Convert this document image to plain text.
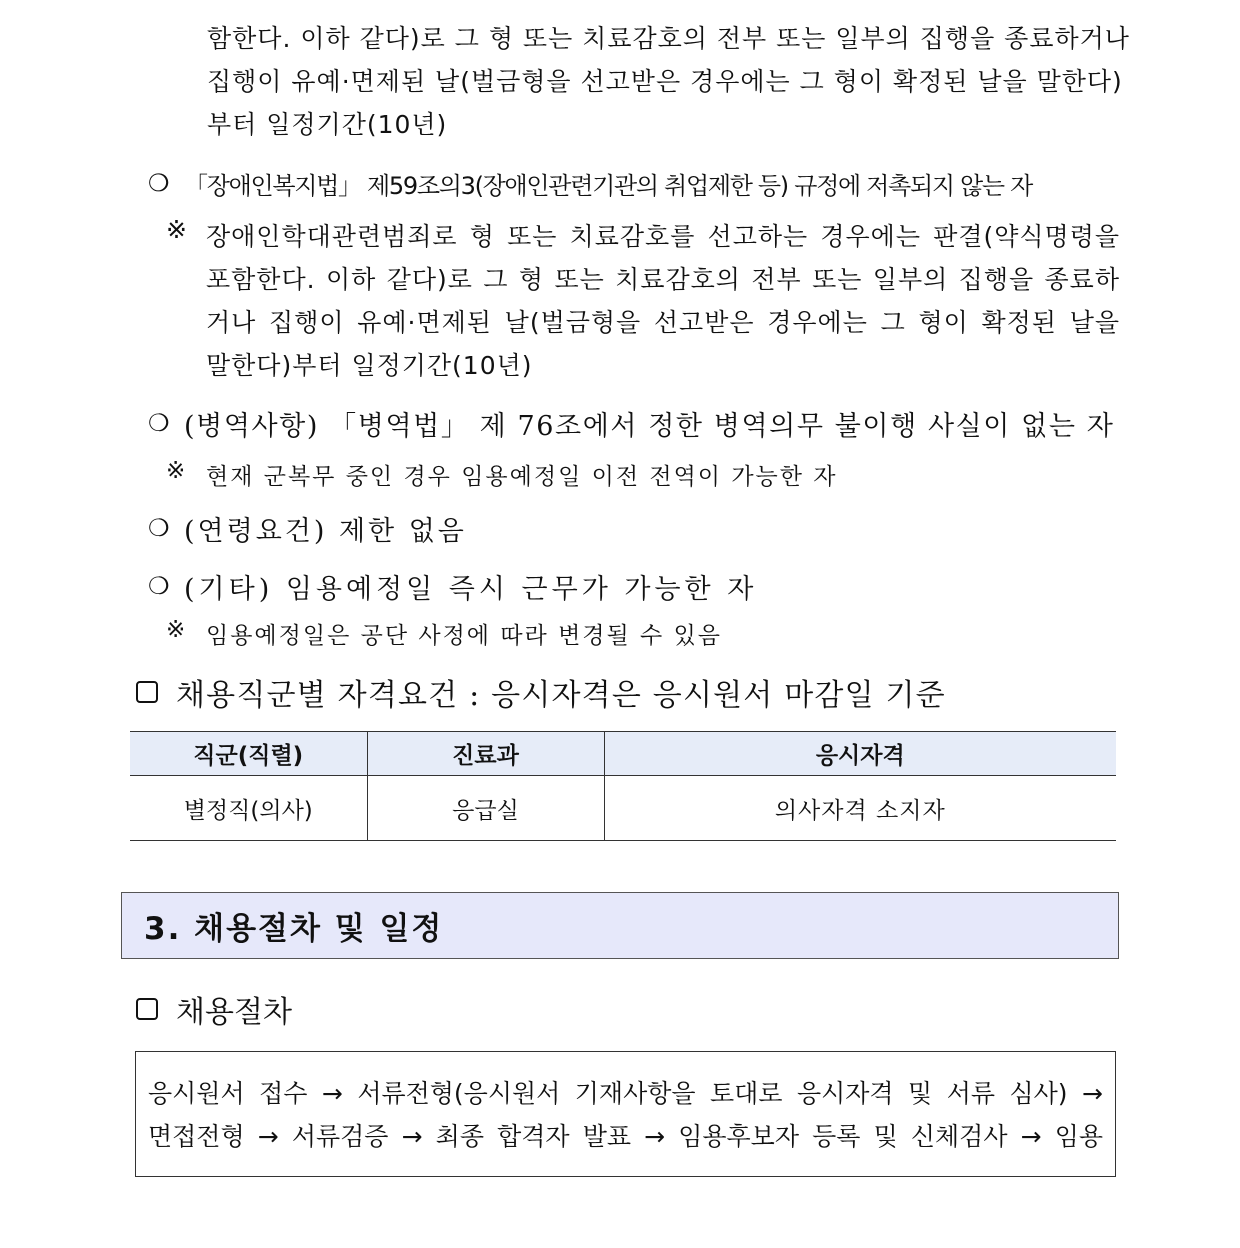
함한다. 이하 같다)로 그 형 또는 치료감호의 전부 또는 일부의 집행을 종료하거나
집행이 유예·면제된 날(벌금형을 선고받은 경우에는 그 형이 확정된 날을 말한다)
부터 일정기간(10년)
❍ 「장애인복지법」 제59조의3(장애인관련기관의 취업제한 등) 규정에 저촉되지 않는 자
※ 장애인학대관련범죄로 형 또는 치료감호를 선고하는 경우에는 판결(약식명령을
포함한다. 이하 같다)로 그 형 또는 치료감호의 전부 또는 일부의 집행을 종료하
거나 집행이 유예·면제된 날(벌금형을 선고받은 경우에는 그 형이 확정된 날을
말한다)부터 일정기간(10년)
❍ (병역사항) 「병역법」 제 76조에서 정한 병역의무 불이행 사실이 없는 자
※ 현재 군복무 중인 경우 임용예정일 이전 전역이 가능한 자
❍ (연령요건) 제한 없음
❍ (기타) 임용예정일 즉시 근무가 가능한 자
※ 임용예정일은 공단 사정에 따라 변경될 수 있음
채용직군별 자격요건 : 응시자격은 응시원서 마감일 기준
직군(직렬)	진료과	응시자격
별정직(의사)	응급실	의사자격 소지자
3. 채용절차 및 일정
채용절차
응시원서 접수 → 서류전형(응시원서 기재사항을 토대로 응시자격 및 서류 심사) →
면접전형 → 서류검증 → 최종 합격자 발표 → 임용후보자 등록 및 신체검사 → 임용
